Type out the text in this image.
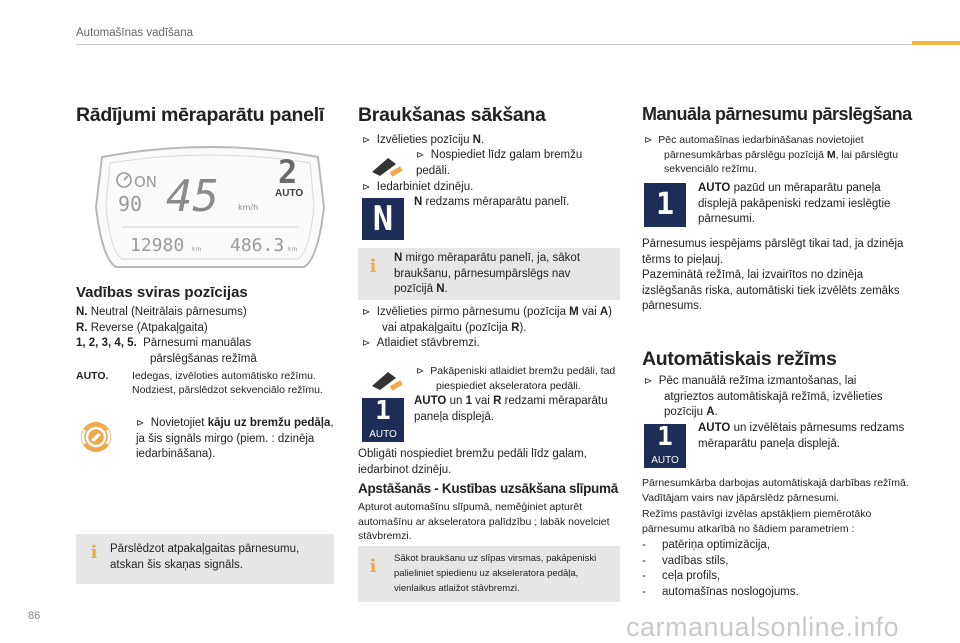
Automašīnas vadīšana
Rādījumi mēraparātu panelī
ON
90 45 km/h
2
AUTO
12980 km 486.3 km
Vadības sviras pozīcijas
N. Neutral (Neitrālais pārnesums)
R. Reverse (Atpakaļgaita)
1, 2, 3, 4, 5. Pārnesumi manuālas
pārslēgšanas režīmā
AUTO. Iedegas, izvēloties automātisko režīmu.
Nodziest, pārslēdzot sekvenciālo režīmu.
⊳ Novietojiet kāju uz bremžu pedāļa, ja šis signāls mirgo (piem. : dzinēja iedarbināšana).
i	Pārslēdzot atpakaļgaitas pārnesumu, atskan šis skaņas signāls.
Braukšanas sākšana
⊳ Izvēlieties pozīciju N.
⊳ Nospiediet līdz galam bremžu pedāli.
⊳ Iedarbiniet dzinēju.
N	N redzams mēraparātu panelī.
i	N mirgo mēraparātu panelī, ja, sākot braukšanu, pārnesumpārslēgs nav pozīcijā N.
⊳ Izvēlieties pirmo pārnesumu (pozīcija M vai A) vai atpakaļgaitu (pozīcija R).
⊳ Atlaidiet stāvbremzi.
⊳ Pakāpeniski atlaidiet bremžu pedāli, tad piespiediet akseleratora pedāli.
1
AUTO
AUTO un 1 vai R redzami mēraparātu paneļa displejā.
Obligāti nospiediet bremžu pedāli līdz galam, iedarbinot dzinēju.
Apstāšanās - Kustības uzsākšana slīpumā
Apturot automašīnu slīpumā, neměģiniet apturēt automašīnu ar akseleratora palīdzību ; labāk novelciet stāvbremzi.
i	Sākot braukšanu uz slīpas virsmas, pakāpeniski palieliniet spiedienu uz akseleratora pedāļa, vienlaikus atlaižot stāvbremzi.
Manuāla pārnesumu pārslēgšana
⊳ Pēc automašīnas iedarbināšanas novietojiet pārnesumkārbas pārslēgu pozīcijā M, lai pārslēgtu sekvenciālo režīmu.
1	AUTO pazūd un mēraparātu paneļa displejā pakāpeniski redzami ieslēgtie pārnesumi.
Pārnesumus iespējams pārslēgt tikai tad, ja dzinēja tērms to pieļauj.
Pazeminātā režīmā, lai izvairītos no dzinēja izslēgšanās riska, automātiski tiek izvēlēts zemāks pārnesums.
Automātiskais režīms
⊳ Pēc manuālā režīma izmantošanas, lai atgrieztos automātiskajā režīmā, izvēlieties pozīciju A.
1
AUTO
AUTO un izvēlētais pārnesums redzams mēraparātu paneļa displejā.
Pārnesumkārba darbojas automātiskajā darbības režīmā. Vadītājam vairs nav jāpārslēdz pārnesumi.
Režīms pastāvīgi izvēlas apstākļiem piemērotāko pārnesumu atkarībā no šādiem parametriem :
- patēriņa optimizācija,
- vadības stils,
- ceļa profils,
- automašīnas noslogojums.
86	carmanualsonline.info
